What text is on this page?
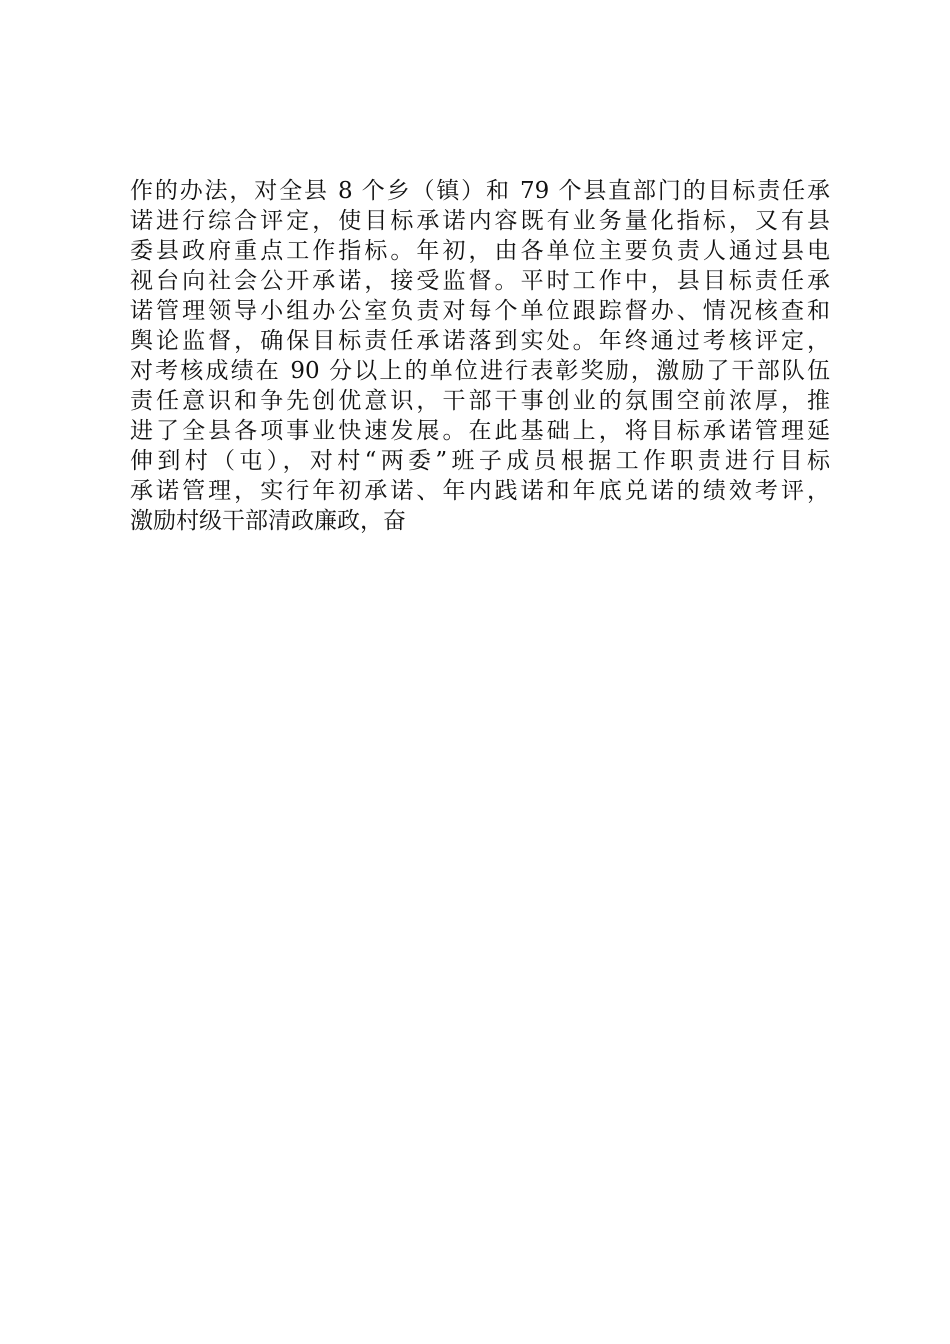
作的办法，对全县 8 个乡（镇）和 79 个县直部门的目标责任承
诺进行综合评定，使目标承诺内容既有业务量化指标，又有县
委县政府重点工作指标。年初，由各单位主要负责人通过县电
视台向社会公开承诺，接受监督。平时工作中，县目标责任承
诺管理领导小组办公室负责对每个单位跟踪督办、情况核查和
舆论监督，确保目标责任承诺落到实处。年终通过考核评定，
对考核成绩在 90 分以上的单位进行表彰奖励，激励了干部队伍
责任意识和争先创优意识，干部干事创业的氛围空前浓厚，推
进了全县各项事业快速发展。在此基础上，将目标承诺管理延
伸到村（屯），对村“两委”班子成员根据工作职责进行目标
承诺管理，实行年初承诺、年内践诺和年底兑诺的绩效考评，
激励村级干部清政廉政，奋
